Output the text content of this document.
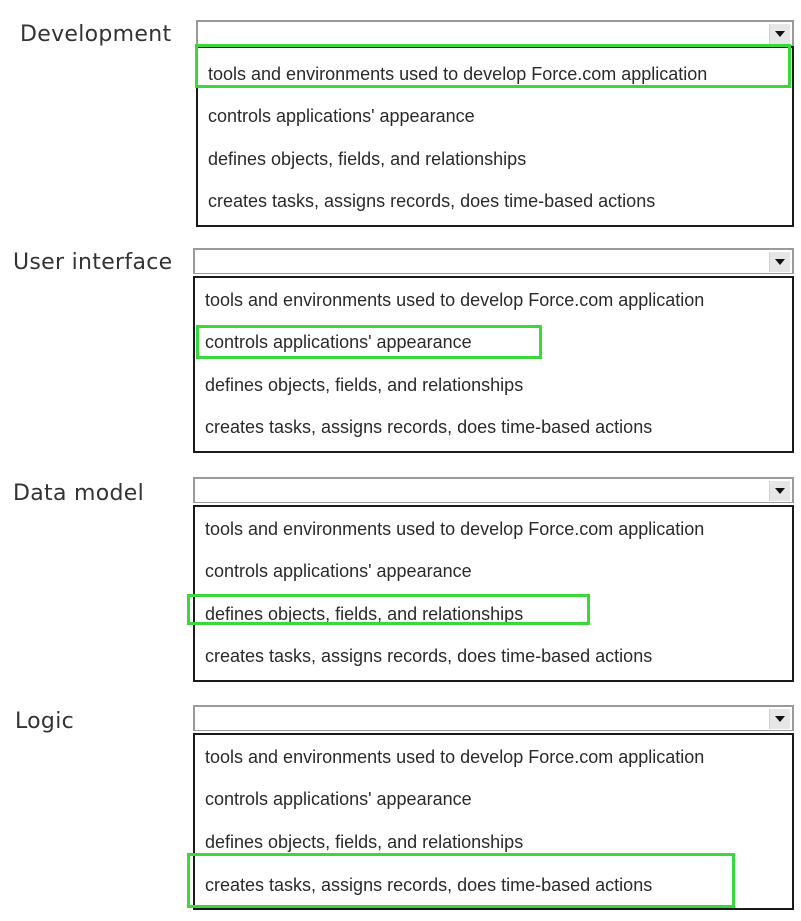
Development
tools and environments used to develop Force.com application
controls applications' appearance
defines objects, fields, and relationships
creates tasks, assigns records, does time-based actions
User interface
tools and environments used to develop Force.com application
controls applications' appearance
defines objects, fields, and relationships
creates tasks, assigns records, does time-based actions
Data model
tools and environments used to develop Force.com application
controls applications' appearance
defines objects, fields, and relationships
creates tasks, assigns records, does time-based actions
Logic
tools and environments used to develop Force.com application
controls applications' appearance
defines objects, fields, and relationships
creates tasks, assigns records, does time-based actions
